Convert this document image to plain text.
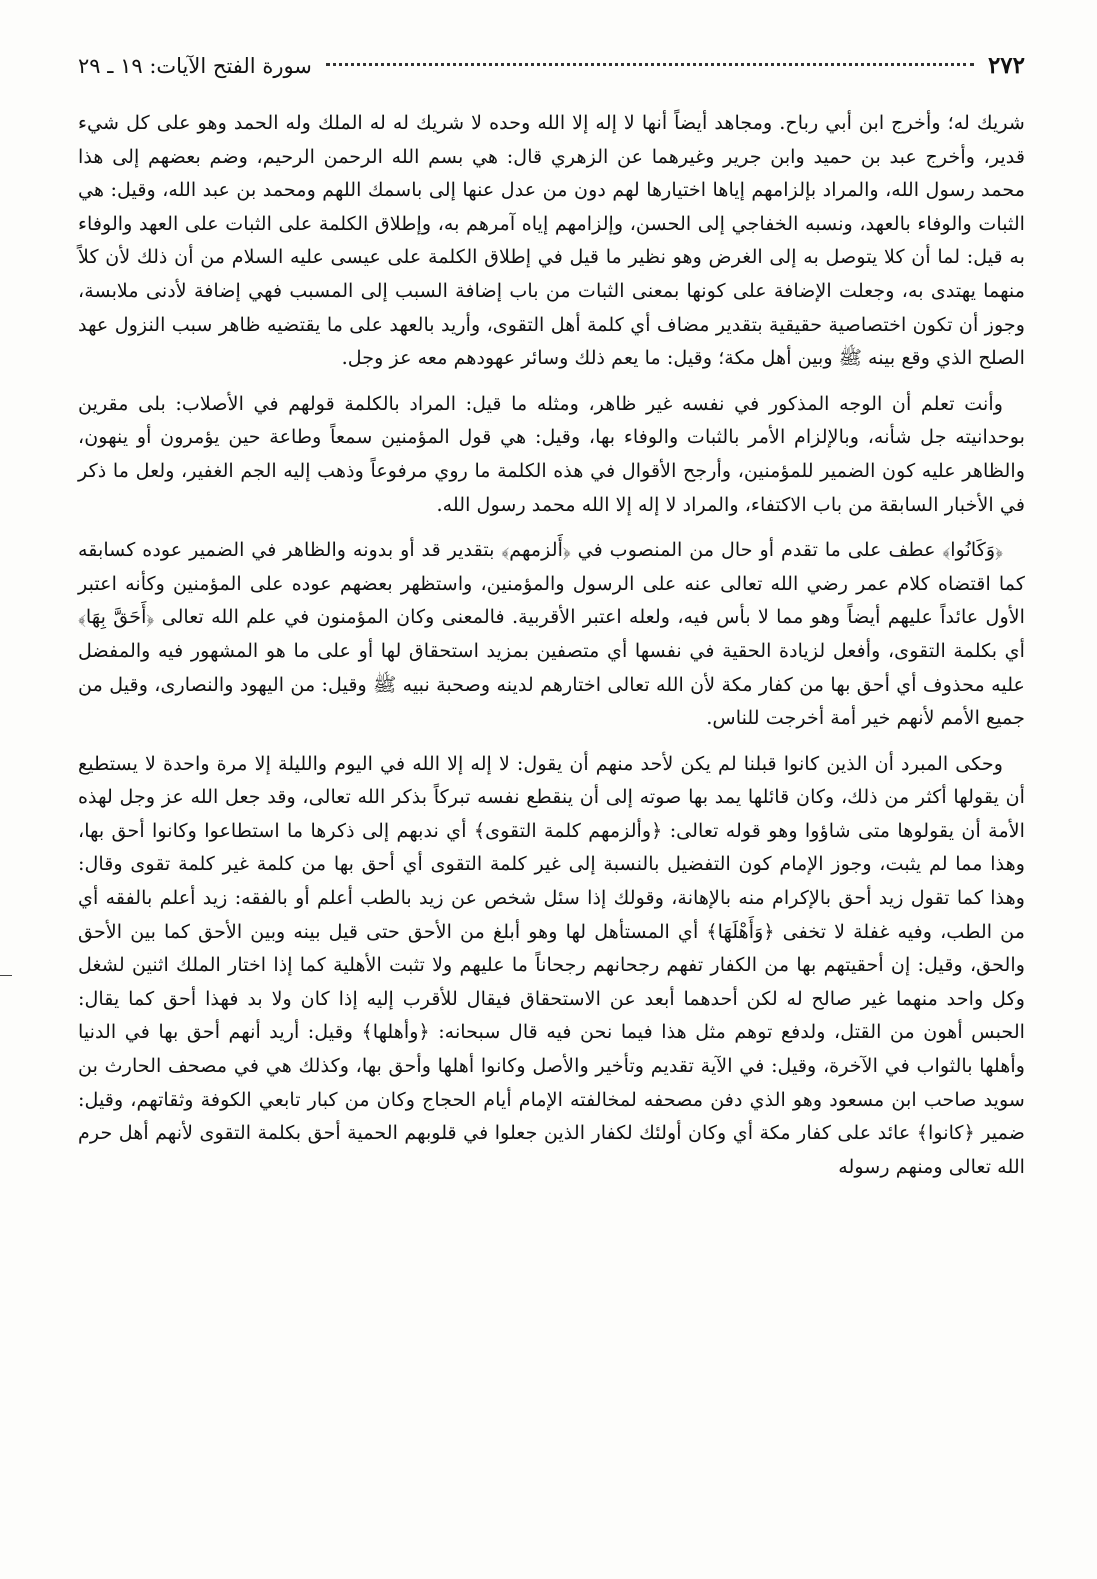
٢٧٢
سورة الفتح الآيات: ١٩ ـ ٢٩

شريك له؛ وأخرج ابن أبي رباح. ومجاهد أيضاً أنها لا إله إلا الله وحده لا شريك له له الملك وله الحمد وهو على كل شيء قدير، وأخرج عبد بن حميد وابن جرير وغيرهما عن الزهري قال: هي بسم الله الرحمن الرحيم، وضم بعضهم إلى هذا محمد رسول الله، والمراد بإلزامهم إياها اختيارها لهم دون من عدل عنها إلى باسمك اللهم ومحمد بن عبد الله، وقيل: هي الثبات والوفاء بالعهد، ونسبه الخفاجي إلى الحسن، وإلزامهم إياه آمرهم به، وإطلاق الكلمة على الثبات على العهد والوفاء به قيل: لما أن كلا يتوصل به إلى الغرض وهو نظير ما قيل في إطلاق الكلمة على عيسى عليه السلام من أن ذلك لأن كلاً منهما يهتدى به، وجعلت الإضافة على كونها بمعنى الثبات من باب إضافة السبب إلى المسبب فهي إضافة لأدنى ملابسة، وجوز أن تكون اختصاصية حقيقية بتقدير مضاف أي كلمة أهل التقوى، وأريد بالعهد على ما يقتضيه ظاهر سبب النزول عهد الصلح الذي وقع بينه ﷺ وبين أهل مكة؛ وقيل: ما يعم ذلك وسائر عهودهم معه عز وجل.

وأنت تعلم أن الوجه المذكور في نفسه غير ظاهر، ومثله ما قيل: المراد بالكلمة قولهم في الأصلاب: بلى مقرين بوحدانيته جل شأنه، وبالإلزام الأمر بالثبات والوفاء بها، وقيل: هي قول المؤمنين سمعاً وطاعة حين يؤمرون أو ينهون، والظاهر عليه كون الضمير للمؤمنين، وأرجح الأقوال في هذه الكلمة ما روي مرفوعاً وذهب إليه الجم الغفير، ولعل ما ذكر في الأخبار السابقة من باب الاكتفاء، والمراد لا إله إلا الله محمد رسول الله.

﴿وَكَانُوا﴾ عطف على ما تقدم أو حال من المنصوب في ﴿أَلزمهم﴾ بتقدير قد أو بدونه والظاهر في الضمير عوده كسابقه كما اقتضاه كلام عمر رضي الله تعالى عنه على الرسول والمؤمنين، واستظهر بعضهم عوده على المؤمنين وكأنه اعتبر الأول عائداً عليهم أيضاً وهو مما لا بأس فيه، ولعله اعتبر الأقربية. فالمعنى وكان المؤمنون في علم الله تعالى ﴿أَحَقَّ بِهَا﴾ أي بكلمة التقوى، وأفعل لزيادة الحقية في نفسها أي متصفين بمزيد استحقاق لها أو على ما هو المشهور فيه والمفضل عليه محذوف أي أحق بها من كفار مكة لأن الله تعالى اختارهم لدينه وصحبة نبيه ﷺ وقيل: من اليهود والنصارى، وقيل من جميع الأمم لأنهم خير أمة أخرجت للناس.

وحكى المبرد أن الذين كانوا قبلنا لم يكن لأحد منهم أن يقول: لا إله إلا الله في اليوم والليلة إلا مرة واحدة لا يستطيع أن يقولها أكثر من ذلك، وكان قائلها يمد بها صوته إلى أن ينقطع نفسه تبركاً بذكر الله تعالى، وقد جعل الله عز وجل لهذه الأمة أن يقولوها متى شاؤوا وهو قوله تعالى: ﴿وألزمهم كلمة التقوى﴾ أي ندبهم إلى ذكرها ما استطاعوا وكانوا أحق بها، وهذا مما لم يثبت، وجوز الإمام كون التفضيل بالنسبة إلى غير كلمة التقوى أي أحق بها من كلمة غير كلمة تقوى وقال: وهذا كما تقول زيد أحق بالإكرام منه بالإهانة، وقولك إذا سئل شخص عن زيد بالطب أعلم أو بالفقه: زيد أعلم بالفقه أي من الطب، وفيه غفلة لا تخفى ﴿وَأَهْلَهَا﴾ أي المستأهل لها وهو أبلغ من الأحق حتى قيل بينه وبين الأحق كما بين الأحق والحق، وقيل: إن أحقيتهم بها من الكفار تفهم رجحانهم رجحاناً ما عليهم ولا تثبت الأهلية كما إذا اختار الملك اثنين لشغل وكل واحد منهما غير صالح له لكن أحدهما أبعد عن الاستحقاق فيقال للأقرب إليه إذا كان ولا بد فهذا أحق كما يقال: الحبس أهون من القتل، ولدفع توهم مثل هذا فيما نحن فيه قال سبحانه: ﴿وأهلها﴾ وقيل: أريد أنهم أحق بها في الدنيا وأهلها بالثواب في الآخرة، وقيل: في الآية تقديم وتأخير والأصل وكانوا أهلها وأحق بها، وكذلك هي في مصحف الحارث بن سويد صاحب ابن مسعود وهو الذي دفن مصحفه لمخالفته الإمام أيام الحجاج وكان من كبار تابعي الكوفة وثقاتهم، وقيل: ضمير ﴿كانوا﴾ عائد على كفار مكة أي وكان أولئك لكفار الذين جعلوا في قلوبهم الحمية أحق بكلمة التقوى لأنهم أهل حرم الله تعالى ومنهم رسوله
